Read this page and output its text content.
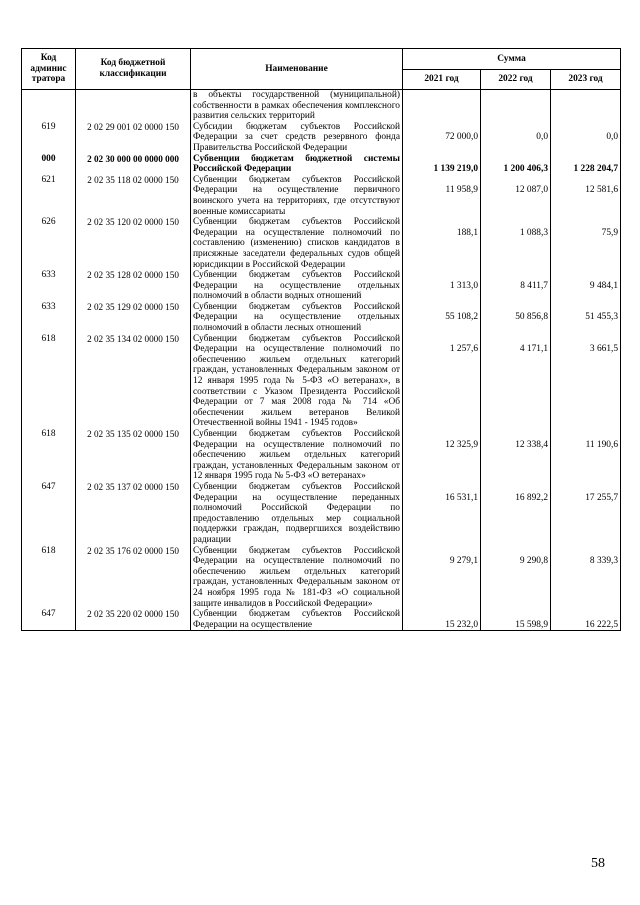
Код админис тратора	Код бюджетной классификации	Наименование	Сумма		
			2021 год	2022 год	2023 год
		в объекты государственной (муниципальной) собственности в рамках обеспечения комплексного развития сельских территорий	

619	2 02 29 001 02 0000 150	Субсидии бюджетам субъектов Российской Федерации за счет средств резервного фонда Правительства Российской Федерации	72 000,0	0,0	0,0
000	2 02 30 000 00 0000 000	Субвенции бюджетам бюджетной системы Российской Федерации	1 139 219,0	1 200 406,3	1 228 204,7
621	2 02 35 118 02 0000 150	Субвенции бюджетам субъектов Российской Федерации на осуществление первичного воинского учета на территориях, где отсутствуют военные комиссариаты	11 958,9	12 087,0	12 581,6
626	2 02 35 120 02 0000 150	Субвенции бюджетам субъектов Российской Федерации на осуществление полномочий по составлению (изменению) списков кандидатов в присяжные заседатели федеральных судов общей юрисдикции в Российской Федерации	188,1	1 088,3	75,9
633	2 02 35 128 02 0000 150	Субвенции бюджетам субъектов Российской Федерации на осуществление отдельных полномочий в области водных отношений	1 313,0	8 411,7	9 484,1
633	2 02 35 129 02 0000 150	Субвенции бюджетам субъектов Российской Федерации на осуществление отдельных полномочий в области лесных отношений	55 108,2	50 856,8	51 455,3
618	2 02 35 134 02 0000 150	Субвенции бюджетам субъектов Российской Федерации на осуществление полномочий по обеспечению жильем отдельных категорий граждан, установленных Федеральным законом от 12 января 1995 года № 5-ФЗ «О ветеранах», в соответствии с Указом Президента Российской Федерации от 7 мая 2008 года № 714 «Об обеспечении жильем ветеранов Великой Отечественной войны 1941 - 1945 годов»	1 257,6	4 171,1	3 661,5
618	2 02 35 135 02 0000 150	Субвенции бюджетам субъектов Российской Федерации на осуществление полномочий по обеспечению жильем отдельных категорий граждан, установленных Федеральным законом от 12 января 1995 года № 5-ФЗ «О ветеранах»	12 325,9	12 338,4	11 190,6
647	2 02 35 137 02 0000 150	Субвенции бюджетам субъектов Российской Федерации на осуществление переданных полномочий Российской Федерации по предоставлению отдельных мер социальной поддержки граждан, подвергшихся воздействию радиации	16 531,1	16 892,2	17 255,7
618	2 02 35 176 02 0000 150	Субвенции бюджетам субъектов Российской Федерации на осуществление полномочий по обеспечению жильем отдельных категорий граждан, установленных Федеральным законом от 24 ноября 1995 года № 181-ФЗ «О социальной защите инвалидов в Российской Федерации»	9 279,1	9 290,8	8 339,3
647	2 02 35 220 02 0000 150	Субвенции бюджетам субъектов Российской Федерации на осуществление	15 232,0	15 598,9	16 222,5
58
